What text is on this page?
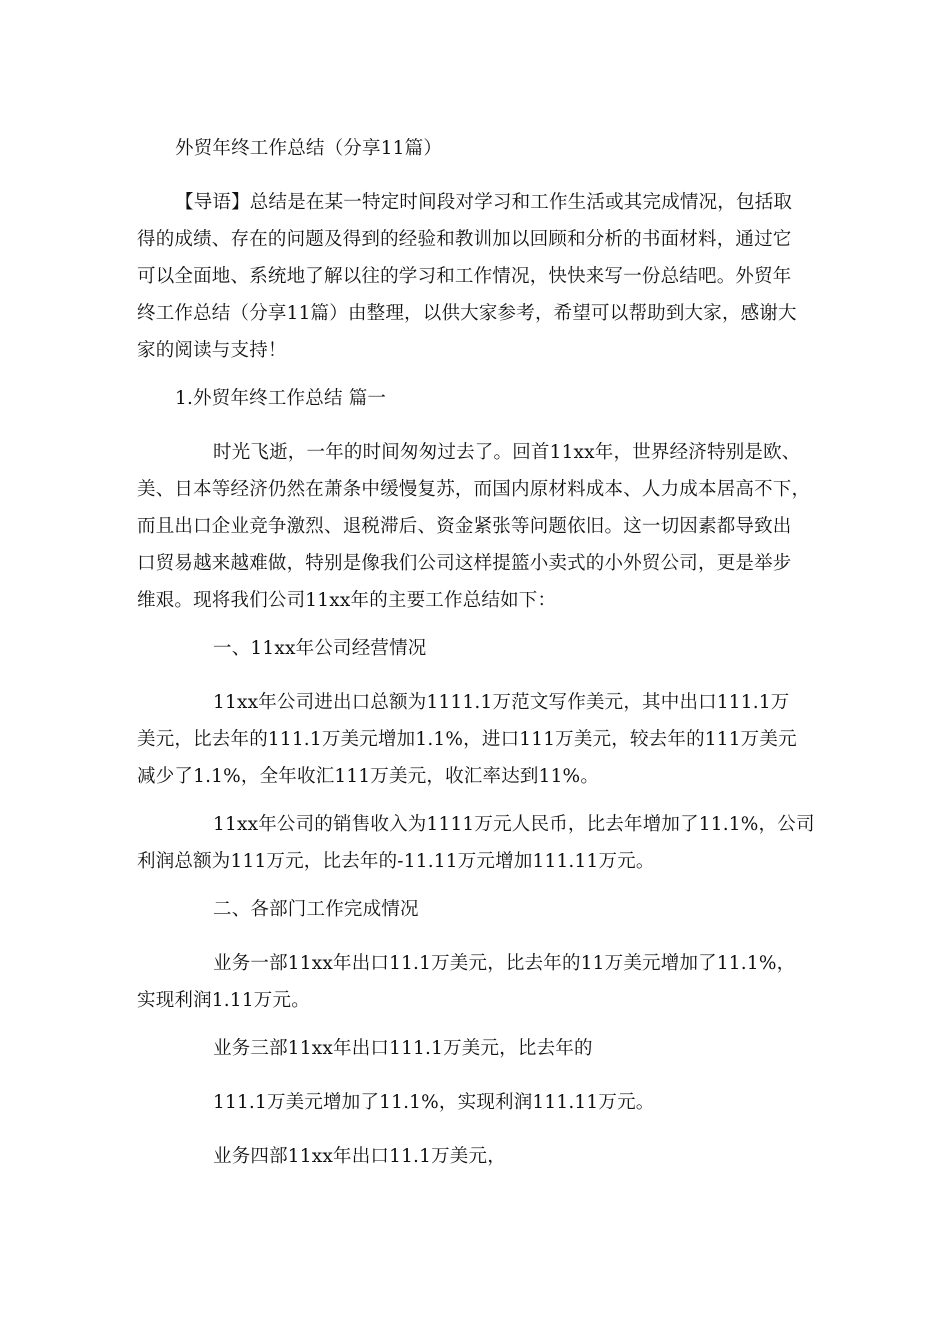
外贸年终工作总结（分享11篇）
【导语】总结是在某一特定时间段对学习和工作生活或其完成情况，包括取
得的成绩、存在的问题及得到的经验和教训加以回顾和分析的书面材料，通过它
可以全面地、系统地了解以往的学习和工作情况，快快来写一份总结吧。外贸年
终工作总结（分享11篇）由整理，以供大家参考，希望可以帮助到大家，感谢大
家的阅读与支持！
1.外贸年终工作总结 篇一
时光飞逝，一年的时间匆匆过去了。回首11xx年，世界经济特别是欧、
美、日本等经济仍然在萧条中缓慢复苏，而国内原材料成本、人力成本居高不下，
而且出口企业竞争激烈、退税滞后、资金紧张等问题依旧。这一切因素都导致出
口贸易越来越难做，特别是像我们公司这样提篮小卖式的小外贸公司，更是举步
维艰。现将我们公司11xx年的主要工作总结如下：
一、11xx年公司经营情况
11xx年公司进出口总额为1111.1万范文写作美元，其中出口111.1万
美元，比去年的111.1万美元增加1.1%，进口111万美元，较去年的111万美元
减少了1.1%，全年收汇111万美元，收汇率达到11%。
11xx年公司的销售收入为1111万元人民币，比去年增加了11.1%，公司
利润总额为111万元，比去年的-11.11万元增加111.11万元。
二、各部门工作完成情况
业务一部11xx年出口11.1万美元，比去年的11万美元增加了11.1%，
实现利润1.11万元。
业务三部11xx年出口111.1万美元，比去年的
111.1万美元增加了11.1%，实现利润111.11万元。
业务四部11xx年出口11.1万美元，
